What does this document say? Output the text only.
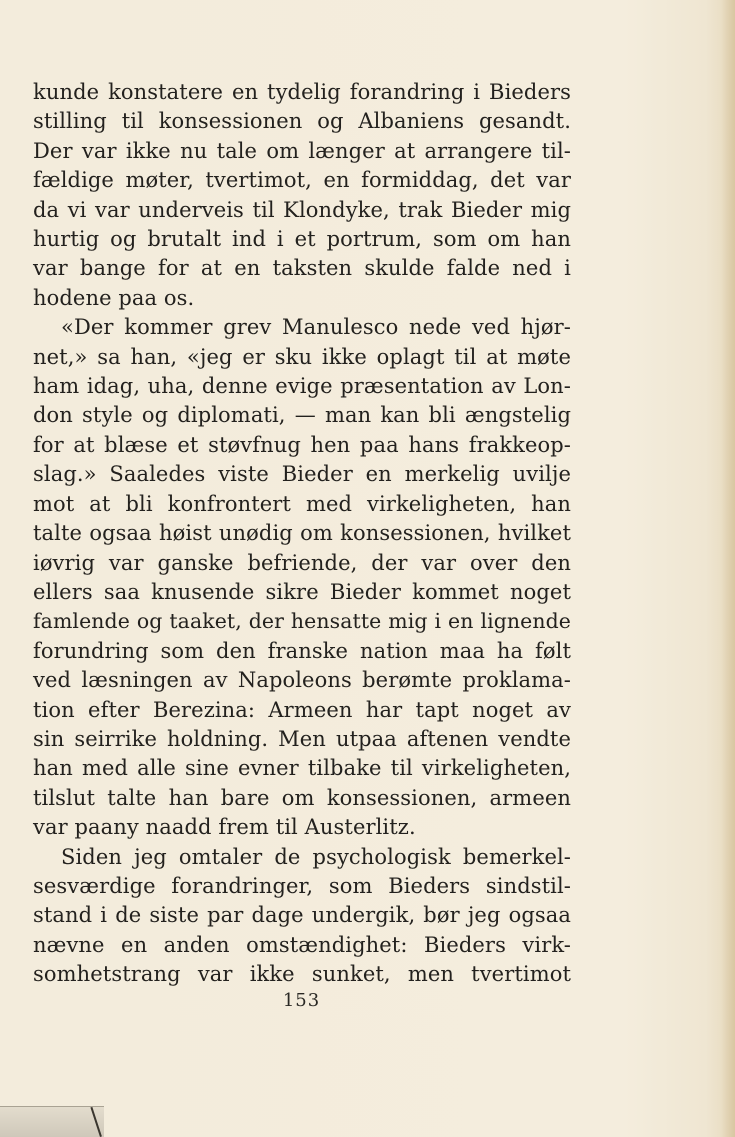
kunde konstatere en tydelig forandring i Bieders
stilling til konsessionen og Albaniens gesandt.
Der var ikke nu tale om længer at arrangere til-
fældige møter, tvertimot, en formiddag, det var
da vi var underveis til Klondyke, trak Bieder mig
hurtig og brutalt ind i et portrum, som om han
var bange for at en taksten skulde falde ned i
hodene paa os.
«Der kommer grev Manulesco nede ved hjør-
net,» sa han, «jeg er sku ikke oplagt til at møte
ham idag, uha, denne evige præsentation av Lon-
don style og diplomati, — man kan bli ængstelig
for at blæse et støvfnug hen paa hans frakkeop-
slag.» Saaledes viste Bieder en merkelig uvilje
mot at bli konfrontert med virkeligheten, han
talte ogsaa høist unødig om konsessionen, hvilket
iøvrig var ganske befriende, der var over den
ellers saa knusende sikre Bieder kommet noget
famlende og taaket, der hensatte mig i en lignende
forundring som den franske nation maa ha følt
ved læsningen av Napoleons berømte proklama-
tion efter Berezina: Armeen har tapt noget av
sin seirrike holdning. Men utpaa aftenen vendte
han med alle sine evner tilbake til virkeligheten,
tilslut talte han bare om konsessionen, armeen
var paany naadd frem til Austerlitz.
Siden jeg omtaler de psychologisk bemerkel-
sesværdige forandringer, som Bieders sindstil-
stand i de siste par dage undergik, bør jeg ogsaa
nævne en anden omstændighet: Bieders virk-
somhetstrang var ikke sunket, men tvertimot
153
